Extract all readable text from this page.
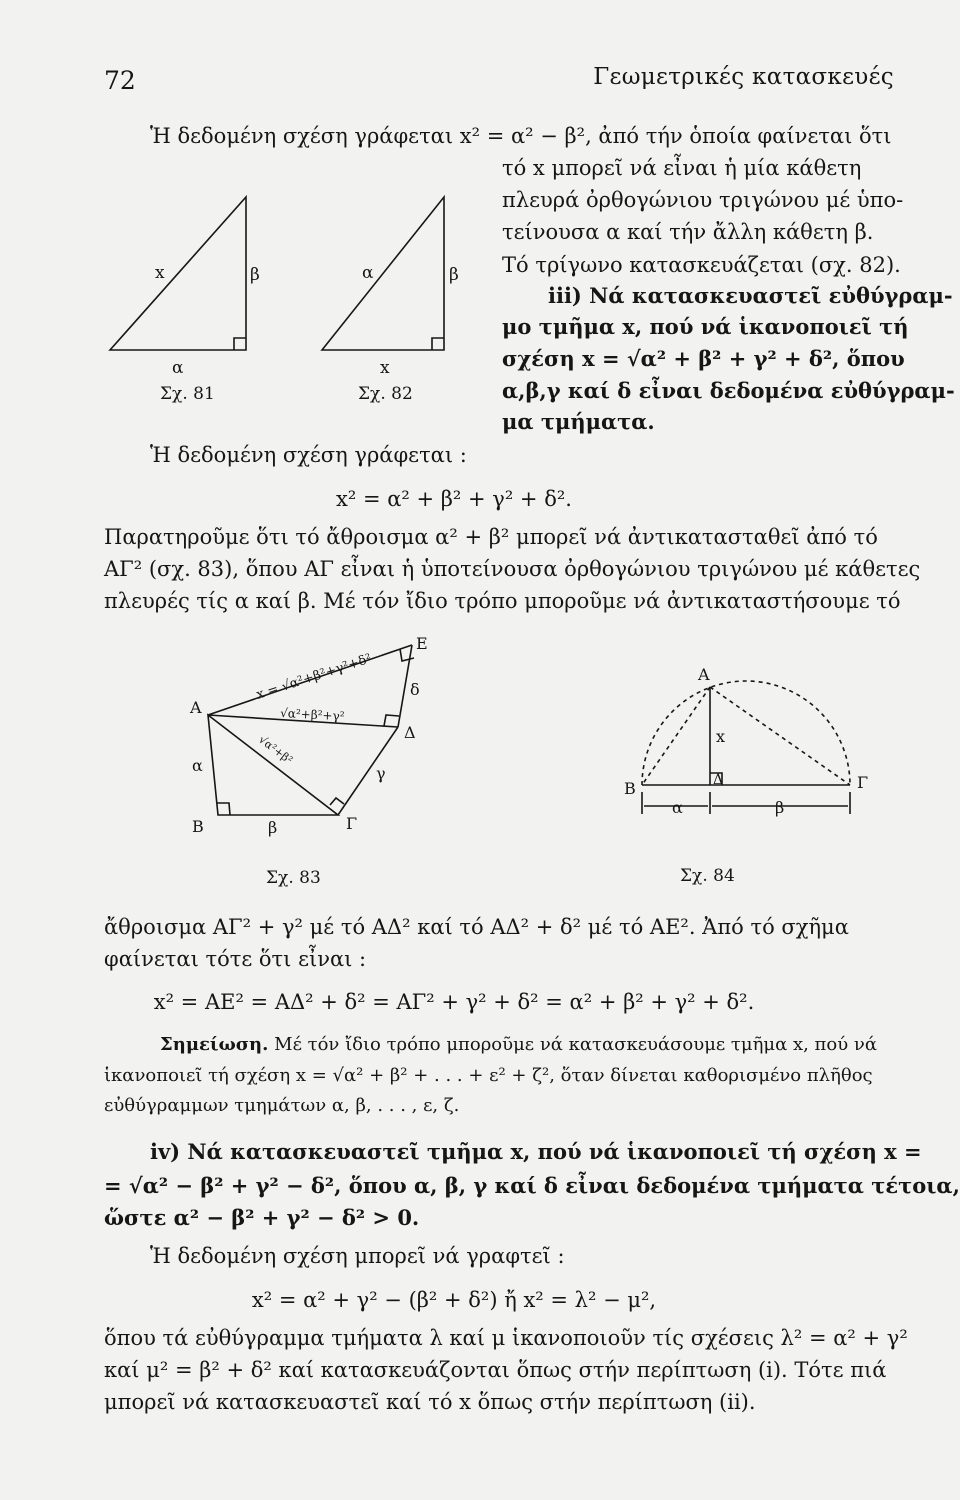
72	Γεωμετρικές κατασκευές
Ἡ δεδομένη σχέση γράφεται x² = α² − β², ἀπό τήν ὁποία φαίνεται ὅτι
τό x μπορεῖ νά εἶναι ἡ μία κάθετη
πλευρά ὀρθογώνιου τριγώνου μέ ὑπο-
τείνουσα α καί τήν ἄλλη κάθετη β.
Τό τρίγωνο κατασκευάζεται (σχ. 82).
x	β
α
α	β
x
Σχ. 81	Σχ. 82
iii) Νά κατασκευαστεῖ εὐθύγραμ-
μο τμῆμα x, πού νά ἱκανοποιεῖ τή
σχέση x = √α² + β² + γ² + δ², ὅπου
α,β,γ καί δ εἶναι δεδομένα εὐθύγραμ-
μα τμήματα.
Ἡ δεδομένη σχέση γράφεται :
x² = α² + β² + γ² + δ².
Παρατηροῦμε ὅτι τό ἄθροισμα α² + β² μπορεῖ νά ἀντικατασταθεῖ ἀπό τό
ΑΓ² (σχ. 83), ὅπου ΑΓ εἶναι ἡ ὑποτείνουσα ὀρθογώνιου τριγώνου μέ κάθετες
πλευρές τίς α καί β. Μέ τόν ἴδιο τρόπο μποροῦμε νά ἀντικαταστήσουμε τό
Α
Β	Γ
Δ
Ε
α
β
γ
δ
x = √α²+β²+γ²+δ²
√α²+β²+γ²
√α²+β²
Σχ. 83
Α
Β	Γ
Δ
x
α	β
Σχ. 84
ἄθροισμα ΑΓ² + γ² μέ τό ΑΔ² καί τό ΑΔ² + δ² μέ τό ΑΕ². Ἀπό τό σχῆμα
φαίνεται τότε ὅτι εἶναι :
x² = ΑΕ² = ΑΔ² + δ² = ΑΓ² + γ² + δ² = α² + β² + γ² + δ².
Σημείωση. Μέ τόν ἴδιο τρόπο μποροῦμε νά κατασκευάσουμε τμῆμα x, πού νά
ἱκανοποιεῖ τή σχέση x = √α² + β² + . . . + ε² + ζ², ὅταν δίνεται καθορισμένο πλῆθος
εὐθύγραμμων τμημάτων α, β, . . . , ε, ζ.
iv) Νά κατασκευαστεῖ τμῆμα x, πού νά ἱκανοποιεῖ τή σχέση x =
= √α² − β² + γ² − δ², ὅπου α, β, γ καί δ εἶναι δεδομένα τμήματα τέτοια,
ὥστε α² − β² + γ² − δ² > 0.
Ἡ δεδομένη σχέση μπορεῖ νά γραφτεῖ :
x² = α² + γ² − (β² + δ²) ἤ x² = λ² − μ²,
ὅπου τά εὐθύγραμμα τμήματα λ καί μ ἱκανοποιοῦν τίς σχέσεις λ² = α² + γ²
καί μ² = β² + δ² καί κατασκευάζονται ὅπως στήν περίπτωση (i). Τότε πιά
μπορεῖ νά κατασκευαστεῖ καί τό x ὅπως στήν περίπτωση (ii).
